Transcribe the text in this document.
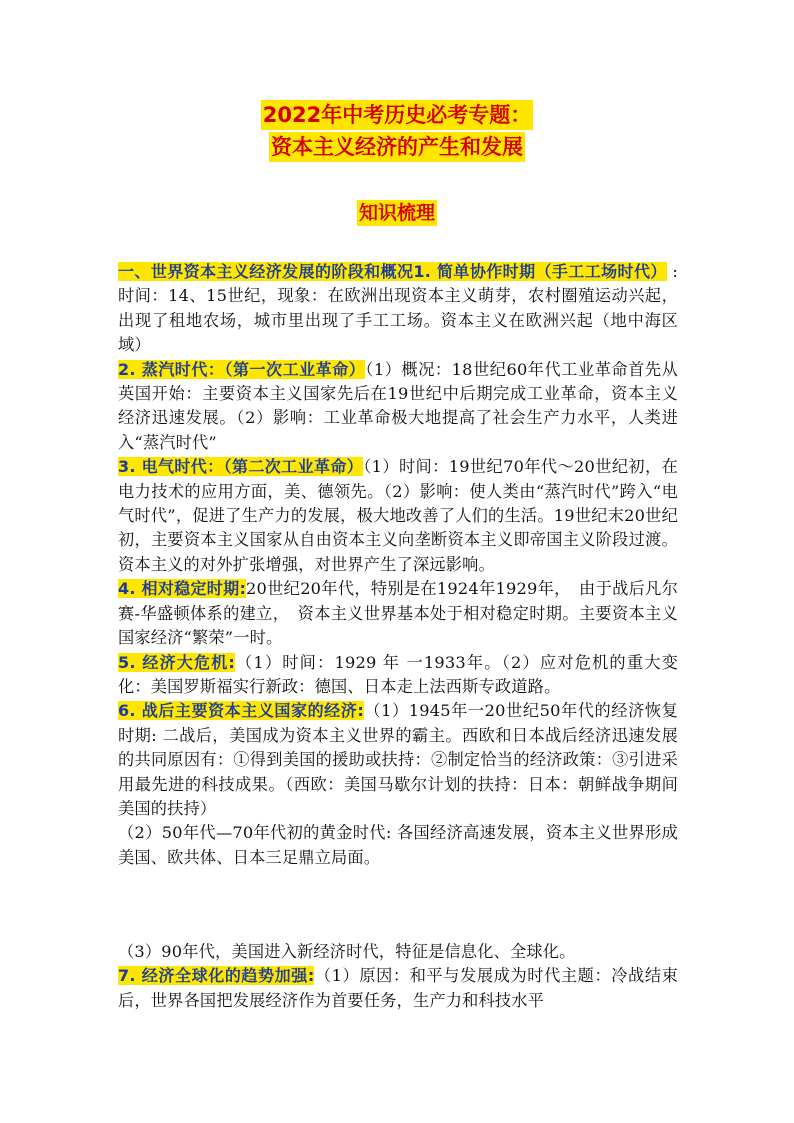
2022年中考历史必考专题：
资本主义经济的产生和发展
知识梳理

一、世界资本主义经济发展的阶段和概况1. 简单协作时期（手工工场时代） :时间：14、15世纪，现象：在欧洲出现资本主义萌芽，农村圈殖运动兴起，出现了租地农场，城市里出现了手工工场。资本主义在欧洲兴起（地中海区域）

2. 蒸汽时代：（第一次工业革命）（1）概况：18世纪60年代工业革命首先从英国开始：主要资本主义国家先后在19世纪中后期完成工业革命，资本主义经济迅速发展。（2）影响：工业革命极大地提高了社会生产力水平，人类进入“蒸汽时代”

3. 电气时代：（第二次工业革命）（1）时间：19世纪70年代～20世纪初，在电力技术的应用方面，美、德领先。（2）影响：使人类由“蒸汽时代”跨入“电气时代”，促进了生产力的发展，极大地改善了人们的生活。19世纪末20世纪初，主要资本主义国家从自由资本主义向垄断资本主义即帝国主义阶段过渡。资本主义的对外扩张增强，对世界产生了深远影响。

4. 相对稳定时期:20世纪20年代，特别是在1924年1929年，　由于战后凡尔赛-华盛顿体系的建立，　资本主义世界基本处于相对稳定时期。主要资本主义国家经济“繁荣”一时。

5. 经济大危机:（1）时间：1929 年 一1933年。（2）应对危机的重大变化：美国罗斯福实行新政：德国、日本走上法西斯专政道路。

6. 战后主要资本主义国家的经济:（1）1945年一20世纪50年代的经济恢复时期: 二战后，美国成为资本主义世界的霸主。西欧和日本战后经济迅速发展的共同原因有：①得到美国的援助或扶持：②制定恰当的经济政策：③引进采用最先进的科技成果。（西欧：美国马歇尔计划的扶持：日本：朝鲜战争期间美国的扶持）

（2）50年代—70年代初的黄金时代: 各国经济高速发展，资本主义世界形成美国、欧共体、日本三足鼎立局面。

（3）90年代，美国进入新经济时代，特征是信息化、全球化。

7. 经济全球化的趋势加强:（1）原因：和平与发展成为时代主题：冷战结束后，世界各国把发展经济作为首要任务，生产力和科技水平
